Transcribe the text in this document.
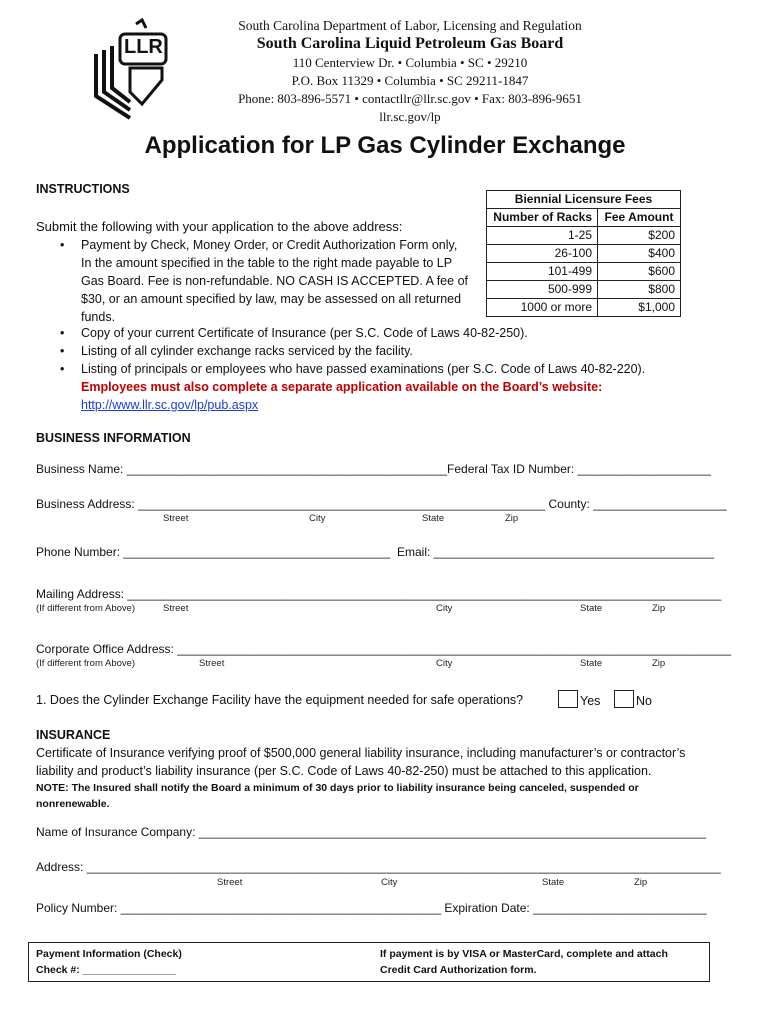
LLR
South Carolina Department of Labor, Licensing and Regulation
South Carolina Liquid Petroleum Gas Board
110 Centerview Dr. • Columbia • SC • 29210
P.O. Box 11329 • Columbia • SC 29211-1847
Phone: 803-896-5571 • contactllr@llr.sc.gov • Fax: 803-896-9651
llr.sc.gov/lp
Application for LP Gas Cylinder Exchange
INSTRUCTIONS
Submit the following with your application to the above address:
Payment by Check, Money Order, or Credit Authorization Form only,
In the amount specified in the table to the right made payable to LP
Gas Board. Fee is non-refundable. NO CASH IS ACCEPTED. A fee of
$30, or an amount specified by law, may be assessed on all returned
funds.
Copy of your current Certificate of Insurance (per S.C. Code of Laws 40-82-250).
Listing of all cylinder exchange racks serviced by the facility.
Listing of principals or employees who have passed examinations (per S.C. Code of Laws 40-82-220).
Employees must also complete a separate application available on the Board’s website:
http://www.llr.sc.gov/lp/pub.aspx
Biennial Licensure Fees	
Number of Racks	Fee Amount
1-25	$200
26-100	$400
101-499	$600
500-999	$800
1000 or more	$1,000
BUSINESS INFORMATION
Business Name: ________________________________________________Federal Tax ID Number: ____________________
Business Address: _____________________________________________________________ County: ____________________
Street	City	State	Zip
Phone Number: ________________________________________ Email: __________________________________________
Mailing Address: _________________________________________________________________________________________
(If different from Above)	Street	City	State	Zip
Corporate Office Address: ___________________________________________________________________________________
(If different from Above)	Street	City	State	Zip
1. Does the Cylinder Exchange Facility have the equipment needed for safe operations?	Yes	No
INSURANCE
Certificate of Insurance verifying proof of $500,000 general liability insurance, including manufacturer’s or contractor’s
liability and product’s liability insurance (per S.C. Code of Laws 40-82-250) must be attached to this application.
NOTE: The Insured shall notify the Board a minimum of 30 days prior to liability insurance being canceled, suspended or
nonrenewable.
Name of Insurance Company: ____________________________________________________________________________
Address: _______________________________________________________________________________________________
Street	City	State	Zip
Policy Number: ________________________________________________ Expiration Date: __________________________
Payment Information (Check)
Check #: ________________
If payment is by VISA or MasterCard, complete and attach
Credit Card Authorization form.
